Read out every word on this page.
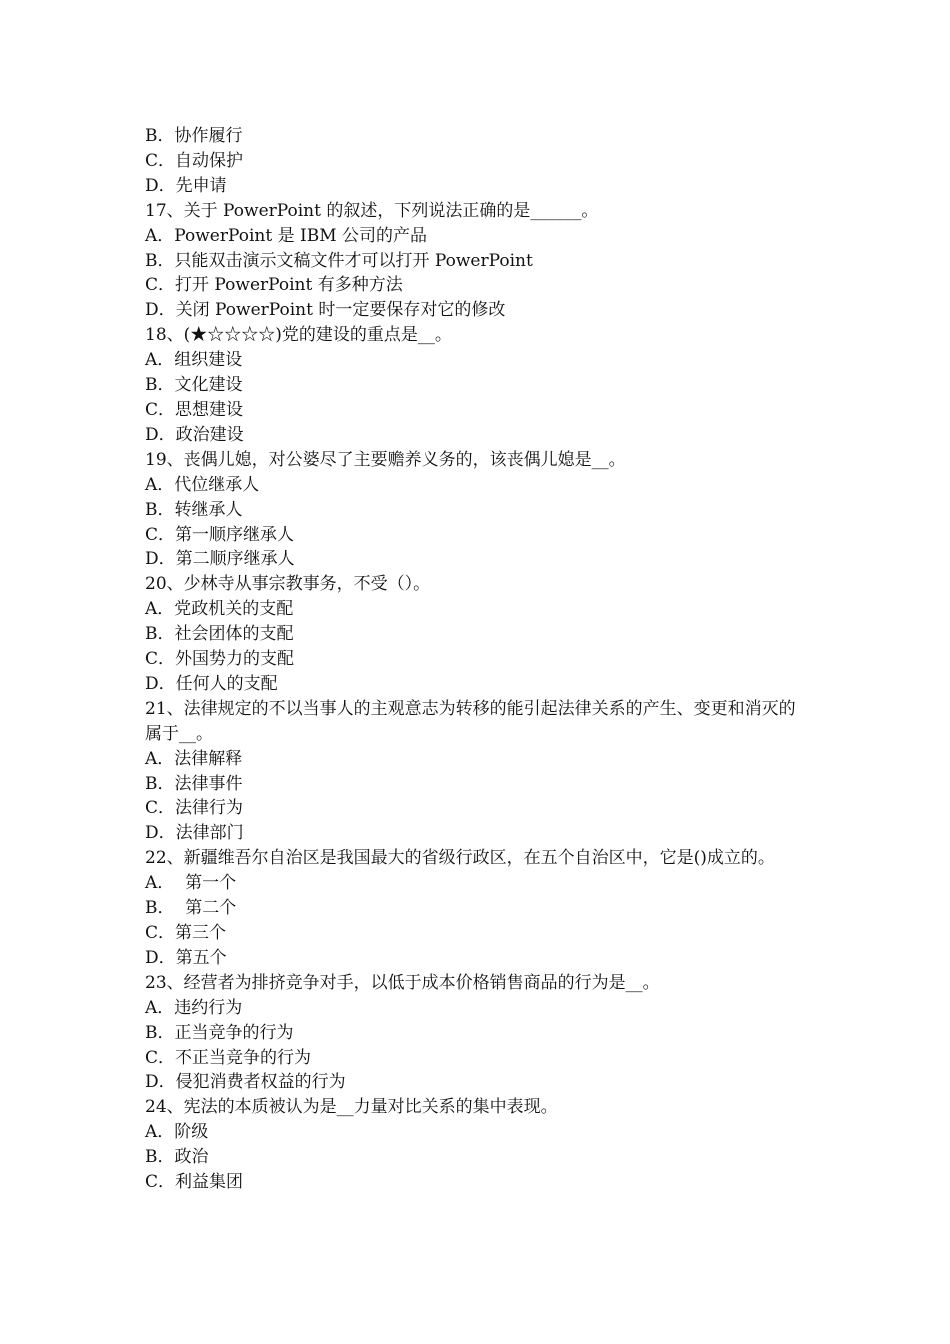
B．协作履行

C．自动保护

D．先申请

17、关于 PowerPoint 的叙述，下列说法正确的是______。

A．PowerPoint 是 IBM 公司的产品

B．只能双击演示文稿文件才可以打开 PowerPoint

C．打开 PowerPoint 有多种方法

D．关闭 PowerPoint 时一定要保存对它的修改

18、(★☆☆☆☆)党的建设的重点是__。

A．组织建设

B．文化建设

C．思想建设

D．政治建设

19、丧偶儿媳，对公婆尽了主要赡养义务的，该丧偶儿媳是__。

A．代位继承人

B．转继承人

C．第一顺序继承人

D．第二顺序继承人

20、少林寺从事宗教事务，不受（）。

A．党政机关的支配

B．社会团体的支配

C．外国势力的支配

D．任何人的支配

21、法律规定的不以当事人的主观意志为转移的能引起法律关系的产生、变更和消灭的属于__。

A．法律解释

B．法律事件

C．法律行为

D．法律部门

22、新疆维吾尔自治区是我国最大的省级行政区，在五个自治区中，它是()成立的。

A．  第一个

B．  第二个

C．第三个

D．第五个

23、经营者为排挤竞争对手，以低于成本价格销售商品的行为是__。

A．违约行为

B．正当竞争的行为

C．不正当竞争的行为

D．侵犯消费者权益的行为

24、宪法的本质被认为是__力量对比关系的集中表现。

A．阶级

B．政治

C．利益集团
